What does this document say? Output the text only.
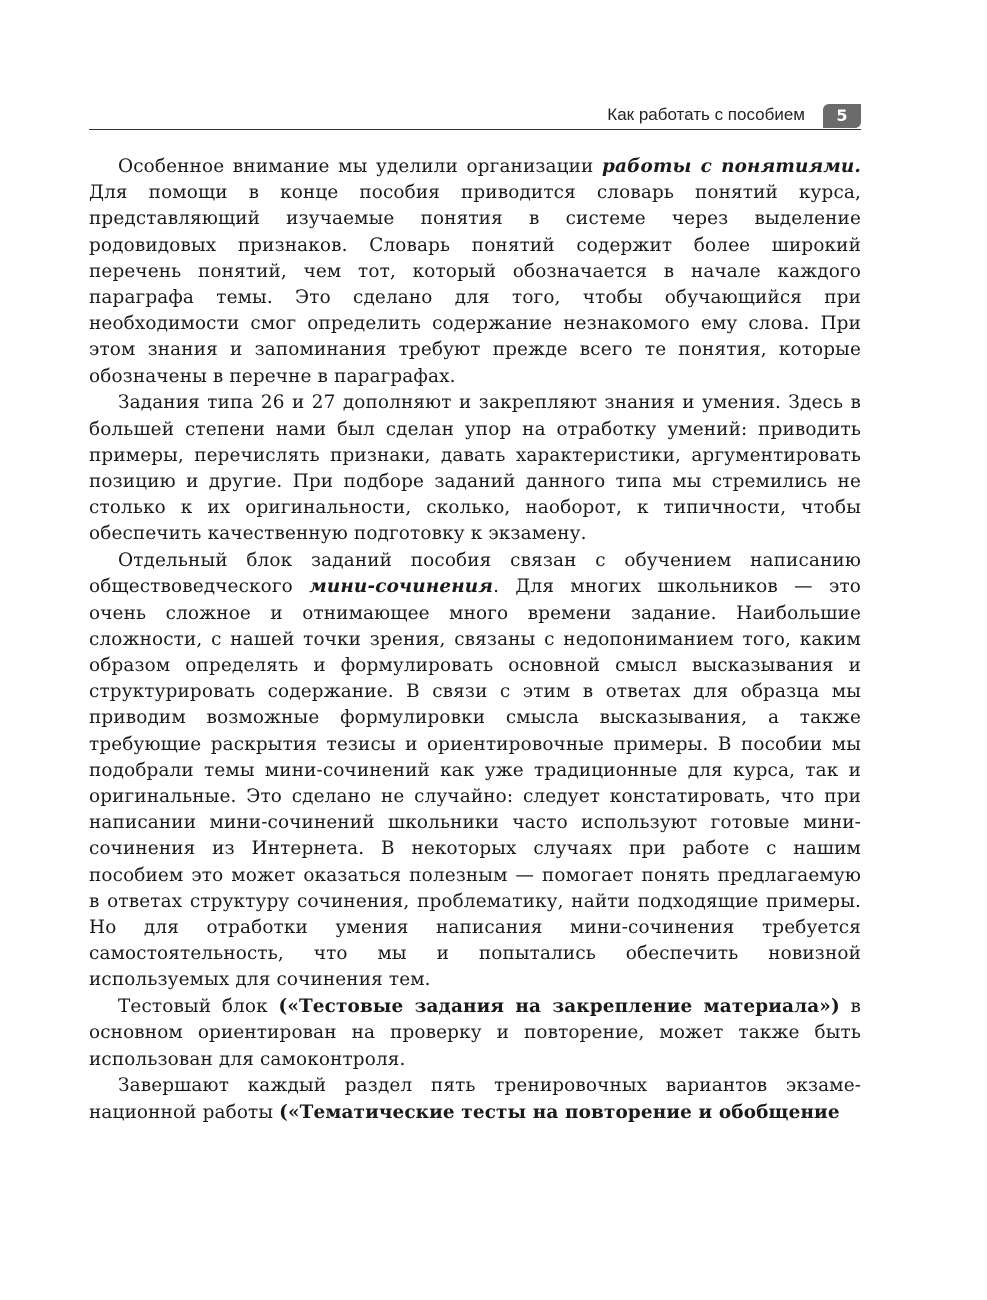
Как работать с пособием	5

Особенное внимание мы уделили организации работы с понятиями. Для помощи в конце пособия приводится словарь понятий курса, представляющий изучаемые понятия в системе через выделение родовидовых признаков. Словарь понятий содержит более широкий перечень понятий, чем тот, который обозначается в начале каждого параграфа темы. Это сделано для того, чтобы обучающийся при необходимости смог определить содержание незнакомого ему слова. При этом знания и запоминания требуют прежде всего те понятия, которые обозначены в перечне в параграфах.

Задания типа 26 и 27 дополняют и закрепляют знания и умения. Здесь в большей степени нами был сделан упор на отработку умений: приводить примеры, перечислять признаки, давать характеристики, аргументировать позицию и другие. При подборе заданий данного типа мы стремились не столько к их оригинальности, сколько, наоборот, к типичности, чтобы обеспечить качественную подготовку к экзамену.

Отдельный блок заданий пособия связан с обучением написанию обществоведческого мини-сочинения. Для многих школьников — это очень сложное и отнимающее много времени задание. Наибольшие сложности, с нашей точки зрения, связаны с недопониманием того, каким образом определять и формулировать основной смысл высказывания и структурировать содержание. В связи с этим в ответах для образца мы приводим возможные формулировки смысла высказывания, а также требующие раскрытия тезисы и ориентировочные примеры. В пособии мы подобрали темы мини-сочинений как уже традиционные для курса, так и оригинальные. Это сделано не случайно: следует констатировать, что при написании мини-сочинений школьники часто используют готовые мини-сочинения из Интернета. В некоторых случаях при работе с нашим пособием это может оказаться полезным — помогает понять предлагаемую в ответах структуру сочинения, проблематику, найти подходящие примеры. Но для отработки умения написания мини-сочинения требуется самостоятельность, что мы и попытались обеспечить новизной используемых для сочинения тем.

Тестовый блок («Тестовые задания на закрепление материала») в основном ориентирован на проверку и повторение, может также быть использован для самоконтроля.

Завершают каждый раздел пять тренировочных вариантов экзаменационной работы («Тематические тесты на повторение и обобщение
